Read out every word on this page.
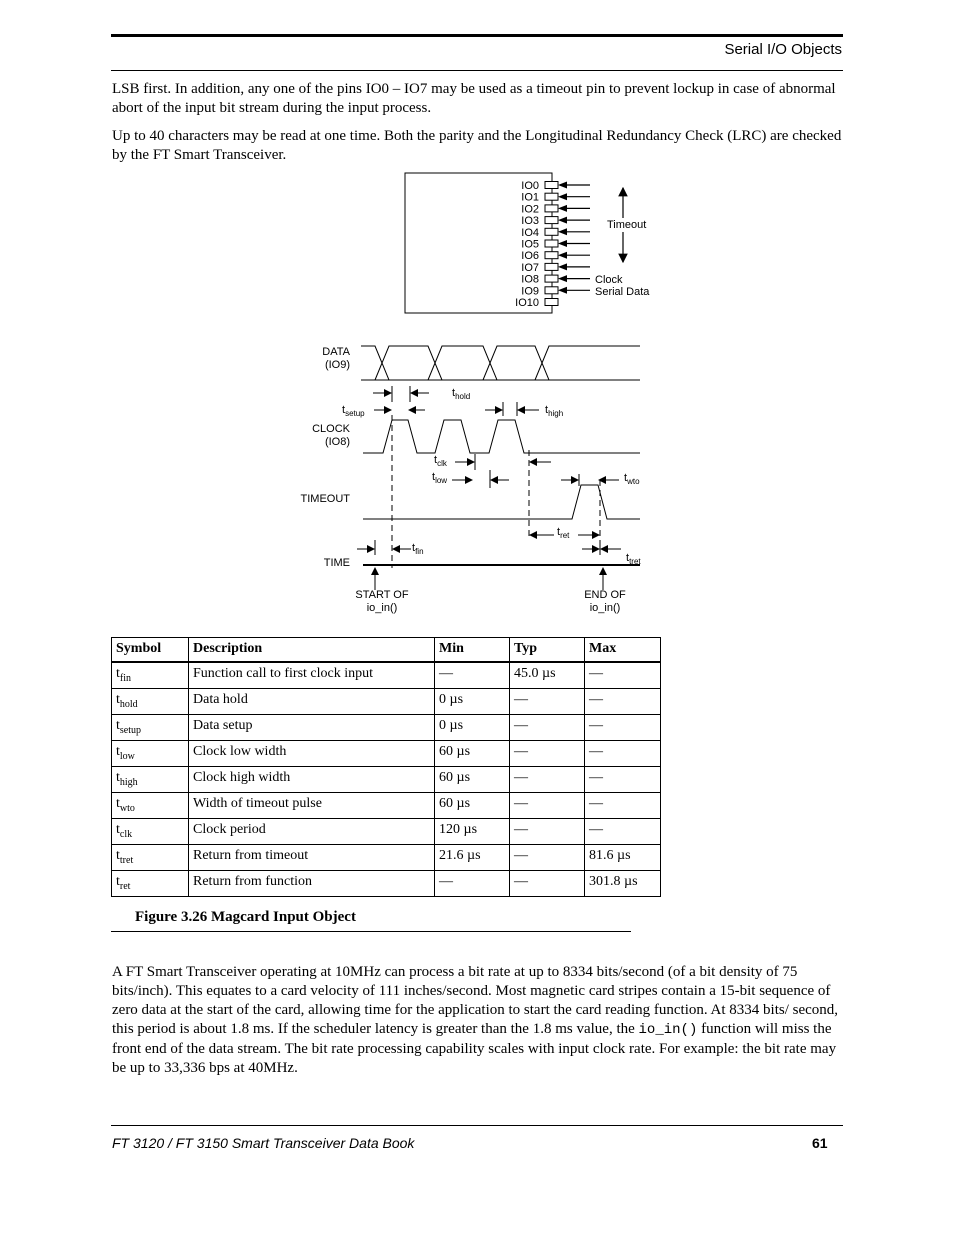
Serial I/O Objects

LSB first. In addition, any one of the pins IO0 – IO7 may be used as a timeout pin to prevent lockup in case of abnormal abort of the input bit stream during the input process.

Up to 40 characters may be read at one time. Both the parity and the Longitudinal Redundancy Check (LRC) are checked by the FT Smart Transceiver.

IO0
IO1
IO2
IO3
IO4
IO5
IO6
IO7
IO8
IO9
IO10
Timeout
Clock
Serial Data
DATA
(IO9)
CLOCK
(IO8)
TIMEOUT
TIME
$t_{hold}$
$t_{setup}$	$t_{high}$
$t_{clk}$
$t_{low}$	$t_{wto}$
$t_{ret}$
$t_{fin}$
$t_{tret}$
START OF
io_in()
END OF
io_in()
Symbol	Description	Min	Typ	Max
$t_{fin}$	Function call to first clock input	—	45.0 µs	—
$t_{hold}$	Data hold	0 µs	—	—
$t_{setup}$	Data setup	0 µs	—	—
$t_{low}$	Clock low width	60 µs	—	—
$t_{high}$	Clock high width	60 µs	—	—
$t_{wto}$	Width of timeout pulse	60 µs	—	—
$t_{clk}$	Clock period	120 µs	—	—
$t_{tret}$	Return from timeout	21.6 µs	—	81.6 µs
$t_{ret}$	Return from function	—	—	301.8 µs
Figure 3.26 Magcard Input Object

A FT Smart Transceiver operating at 10MHz can process a bit rate at up to 8334 bits/second (of a bit density of 75 bits/inch). This equates to a card velocity of 111 inches/second. Most magnetic card stripes contain a 15-bit sequence of zero data at the start of the card, allowing time for the application to start the card reading function. At 8334 bits/ second, this period is about 1.8 ms. If the scheduler latency is greater than the 1.8 ms value, the io_in() function will miss the front end of the data stream. The bit rate processing capability scales with input clock rate. For example: the bit rate may be up to 33,336 bps at 40MHz.

FT 3120 / FT 3150 Smart Transceiver Data Book	61
